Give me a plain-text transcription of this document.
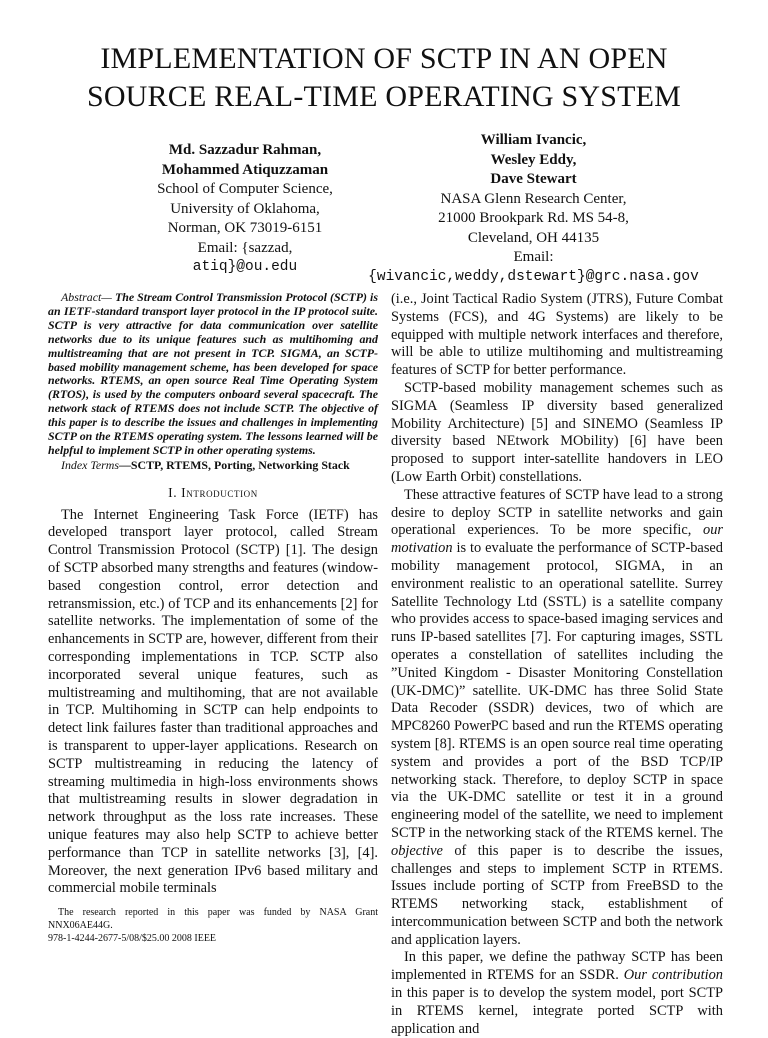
IMPLEMENTATION OF SCTP IN AN OPEN
SOURCE REAL-TIME OPERATING SYSTEM
Md. Sazzadur Rahman,
Mohammed Atiquzzaman
School of Computer Science,
University of Oklahoma,
Norman, OK 73019-6151
Email: {sazzad,
atiq}@ou.edu
William Ivancic,
Wesley Eddy,
Dave Stewart
NASA Glenn Research Center,
21000 Brookpark Rd. MS 54-8,
Cleveland, OH 44135
Email:
{wivancic,weddy,dstewart}@grc.nasa.gov

Abstract— The Stream Control Transmission Protocol (SCTP) is an IETF-standard transport layer protocol in the IP protocol suite. SCTP is very attractive for data communication over satellite networks due to its unique features such as multihoming and multistreaming that are not present in TCP. SIGMA, an SCTP-based mobility management scheme, has been developed for space networks. RTEMS, an open source Real Time Operating System (RTOS), is used by the computers onboard several spacecraft. The network stack of RTEMS does not include SCTP. The objective of this paper is to describe the issues and challenges in implementing SCTP on the RTEMS operating system. The lessons learned will be helpful to implement SCTP in other operating systems.

Index Terms—SCTP, RTEMS, Porting, Networking Stack

I. Introduction

The Internet Engineering Task Force (IETF) has developed transport layer protocol, called Stream Control Transmission Protocol (SCTP) [1]. The design of SCTP absorbed many strengths and features (window-based congestion control, error detection and retransmission, etc.) of TCP and its enhancements [2] for satellite networks. The implementation of some of the enhancements in SCTP are, however, different from their corresponding implementations in TCP. SCTP also incorporated several unique features, such as multistreaming and multihoming, that are not available in TCP. Multihoming in SCTP can help endpoints to detect link failures faster than traditional approaches and is transparent to upper-layer applications. Research on SCTP multistreaming in reducing the latency of streaming multimedia in high-loss environments shows that multistreaming results in slower degradation in network throughput as the loss rate increases. These unique features may also help SCTP to achieve better performance than TCP in satellite networks [3], [4]. Moreover, the next generation IPv6 based military and commercial mobile terminals

The research reported in this paper was funded by NASA Grant NNX06AE44G.

978-1-4244-2677-5/08/$25.00 2008 IEEE

(i.e., Joint Tactical Radio System (JTRS), Future Combat Systems (FCS), and 4G Systems) are likely to be equipped with multiple network interfaces and therefore, will be able to utilize multihoming and multistreaming features of SCTP for better performance.

SCTP-based mobility management schemes such as SIGMA (Seamless IP diversity based generalized Mobility Architecture) [5] and SINEMO (Seamless IP diversity based NEtwork MObility) [6] have been proposed to support inter-satellite handovers in LEO (Low Earth Orbit) constellations.

These attractive features of SCTP have lead to a strong desire to deploy SCTP in satellite networks and gain operational experiences. To be more specific, our motivation is to evaluate the performance of SCTP-based mobility management protocol, SIGMA, in an environment realistic to an operational satellite. Surrey Satellite Technology Ltd (SSTL) is a satellite company who provides access to space-based imaging services and runs IP-based satellites [7]. For capturing images, SSTL operates a constellation of satellites including the ”United Kingdom - Disaster Monitoring Constellation (UK-DMC)” satellite. UK-DMC has three Solid State Data Recoder (SSDR) devices, two of which are MPC8260 PowerPC based and run the RTEMS operating system [8]. RTEMS is an open source real time operating system and provides a port of the BSD TCP/IP networking stack. Therefore, to deploy SCTP in space via the UK-DMC satellite or test it in a ground engineering model of the satellite, we need to implement SCTP in the networking stack of the RTEMS kernel. The objective of this paper is to describe the issues, challenges and steps to implement SCTP in RTEMS. Issues include porting of SCTP from FreeBSD to the RTEMS networking stack, establishment of intercommunication between SCTP and both the network and application layers.

In this paper, we define the pathway SCTP has been implemented in RTEMS for an SSDR. Our contribution in this paper is to develop the system model, port SCTP in RTEMS kernel, integrate ported SCTP with application and
